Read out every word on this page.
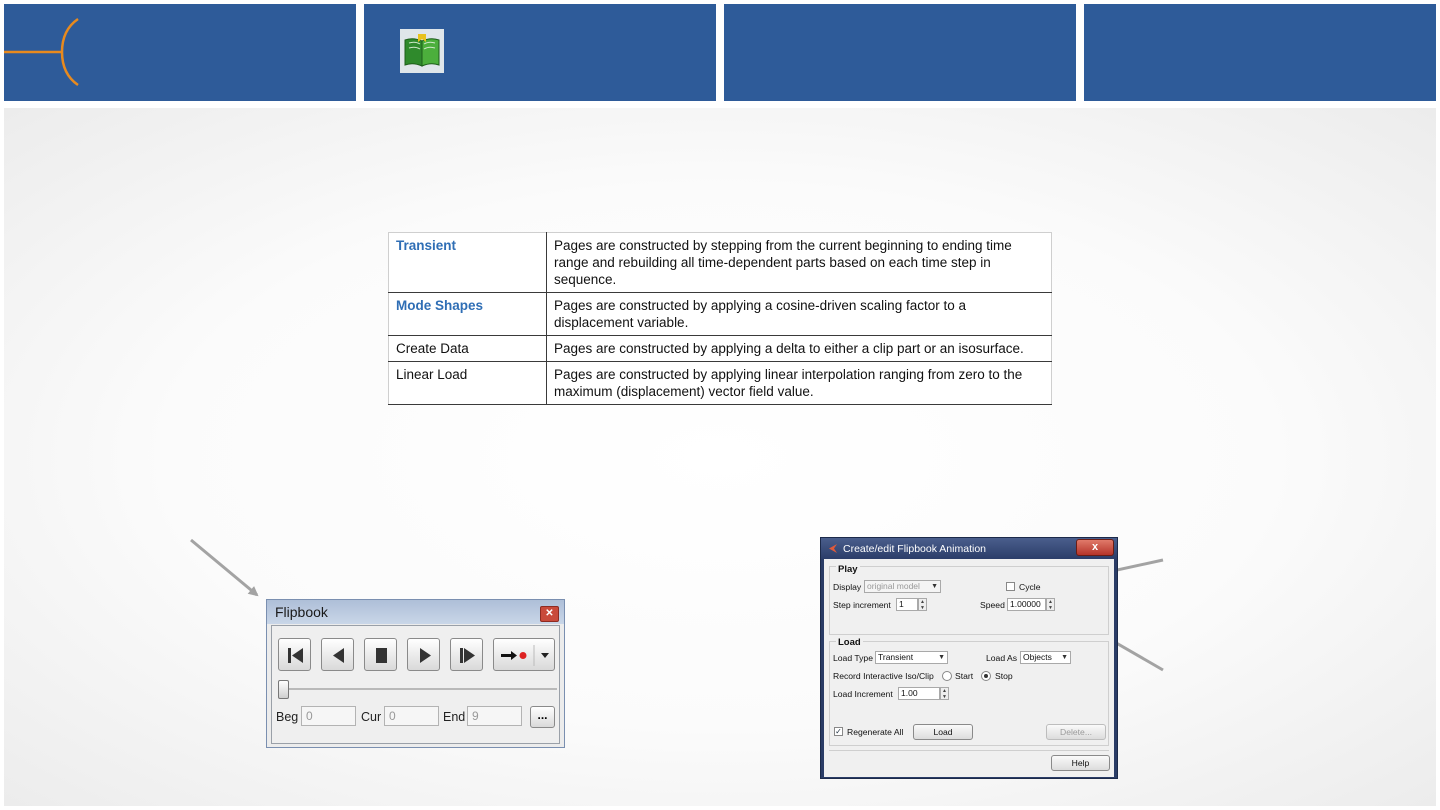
Transient	Pages are constructed by stepping from the current beginning to ending time range and rebuilding all time-dependent parts based on each time step in sequence.
Mode Shapes	Pages are constructed by applying a cosine-driven scaling factor to a displacement variable.
Create Data	Pages are constructed by applying a delta to either a clip part or an isosurface.
Linear Load	Pages are constructed by applying linear interpolation ranging from zero to the maximum (displacement) vector field value.
Flipbook	✕
Beg 0	Cur 0	End 9	...
Create/edit Flipbook Animation	x
Play
Display original model ▼	Cycle
Step increment 1	▲
▼	Speed 1.00000	▲
▼
Load
Load Type Transient	▼	Load As Objects ▼
Record Interactive Iso/Clip Start	Stop
Load Increment 1.00	▲
▼
✓ Regenerate All	Load	Delete...
Help
